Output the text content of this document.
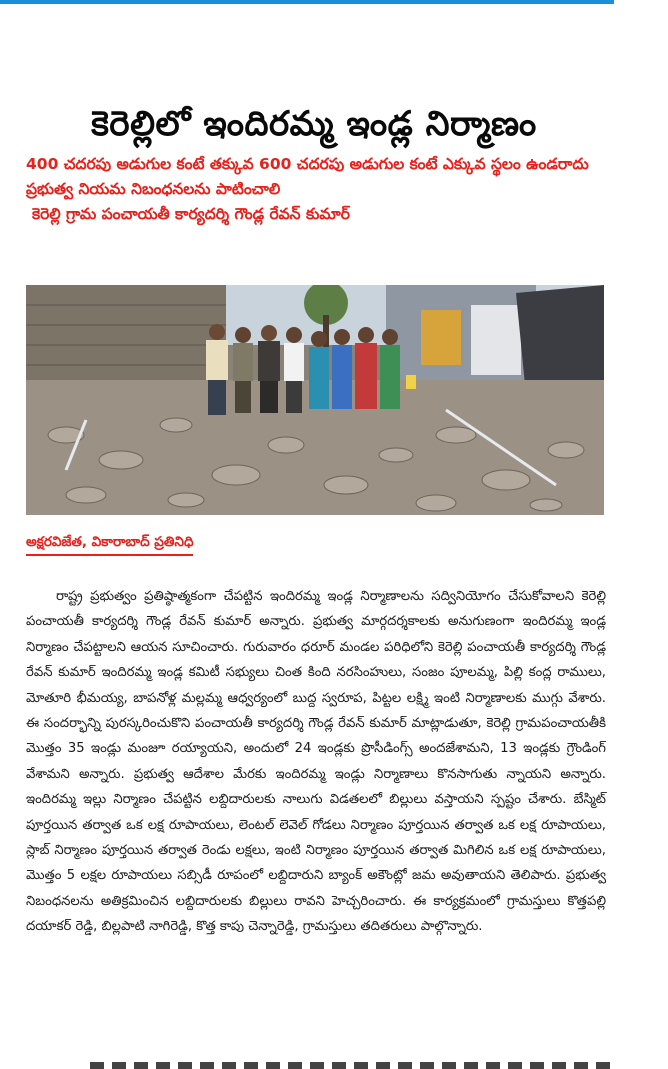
కెరెల్లిలో ఇందిరమ్మ ఇండ్ల నిర్మాణం

400 చదరపు అడుగుల కంటే తక్కువ 600 చదరపు అడుగుల కంటే ఎక్కువ స్థలం ఉండరాదు

ప్రభుత్వ నియమ నిబంధనలను పాటించాలి

కెరెల్లి గ్రామ పంచాయతీ కార్యదర్శి గౌండ్ల రేవన్ కుమార్

అక్షరవిజేత, వికారాబాద్ ప్రతినిధి

రాష్ట్ర ప్రభుత్వం ప్రతిష్ఠాత్మకంగా చేపట్టిన ఇందిరమ్మ ఇండ్ల నిర్మాణాలను సద్వినియోగం చేసుకోవాలని కెరెల్లి పంచాయతీ కార్యదర్శి గౌండ్ల రేవన్ కుమార్ అన్నారు. ప్రభుత్వ మార్గదర్శకాలకు అనుగుణంగా ఇందిరమ్మ ఇండ్ల నిర్మాణం చేపట్టాలని ఆయన సూచించారు. గురువారం ధరూర్ మండల పరిధిలోని కెరెల్లి పంచాయతీ కార్యదర్శి గౌండ్ల రేవన్ కుమార్ ఇందిరమ్మ ఇండ్ల కమిటీ సభ్యులు చింత కింది నరసింహులు, సంజం పూలమ్మ, పిల్లి కంద్ల రాములు, మోతూరి భీమయ్య, బాపనోళ్ల మల్లమ్మ ఆధ్వర్యంలో బుద్ద స్వరూప, పిట్టల లక్ష్మి ఇంటి నిర్మాణాలకు ముగ్గు వేశారు. ఈ సందర్భాన్ని పురస్కరించుకొని పంచాయతీ కార్యదర్శి గౌండ్ల రేవన్ కుమార్ మాట్లాడుతూ, కెరెల్లి గ్రామపంచాయతీకి మొత్తం 35 ఇండ్లు మంజూ రయ్యాయని, అందులో 24 ఇండ్లకు ప్రొసీడింగ్స్ అందజేశామని, 13 ఇండ్లకు గ్రౌండింగ్ వేశామని అన్నారు. ప్రభుత్వ ఆదేశాల మేరకు ఇందిరమ్మ ఇండ్లు నిర్మాణాలు కొనసాగుతు న్నాయని అన్నారు. ఇందిరమ్మ ఇల్లు నిర్మాణం చేపట్టిన లబ్దిదారులకు నాలుగు విడతలలో బిల్లులు వస్తాయని స్పష్టం చేశారు. బేస్మిట్ పూర్తయిన తర్వాత ఒక లక్ష రూపాయలు, లెంటల్ లెవెల్ గోడలు నిర్మాణం పూర్తయిన తర్వాత ఒక లక్ష రూపాయలు, స్లాబ్ నిర్మాణం పూర్తయిన తర్వాత రెండు లక్షలు, ఇంటి నిర్మాణం పూర్తయిన తర్వాత మిగిలిన ఒక లక్ష రూపాయలు, మొత్తం 5 లక్షల రూపాయలు సబ్సిడీ రూపంలో లబ్దిదారుని బ్యాంక్ అకౌంట్లో జమ అవుతాయని తెలిపారు. ప్రభుత్వ నిబంధనలను అతిక్రమించిన లబ్దిదారులకు బిల్లులు రావని హెచ్చరించారు. ఈ కార్యక్రమంలో గ్రామస్తులు కొత్తపల్లి దయాకర్ రెడ్డి, బిల్లపాటి నాగిరెడ్డి, కొత్త కాపు చెన్నారెడ్డి, గ్రామస్తులు తదితరులు పాల్గొన్నారు.
